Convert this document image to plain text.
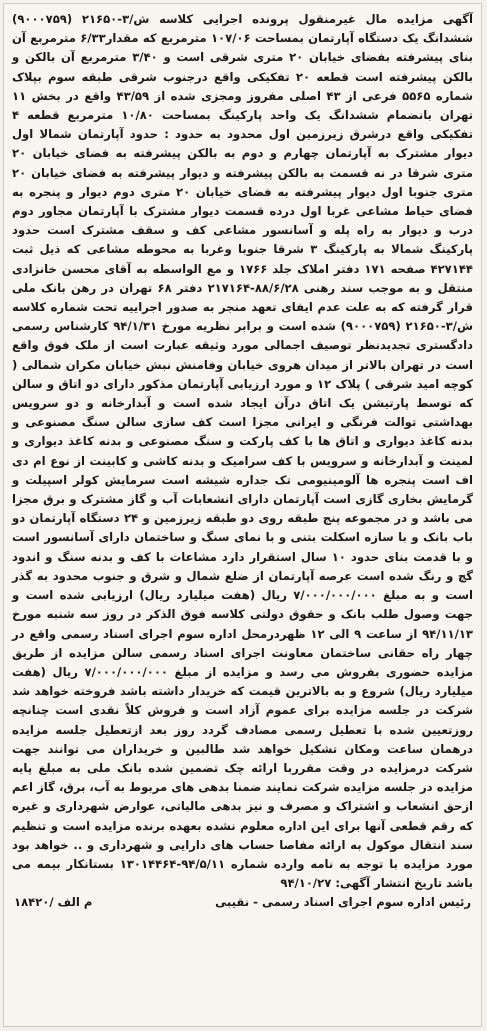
آگهی مزایده مال غیرمنقول پرونده اجرایی کلاسه ش/۳-۲۱۶۵۰ (۹۰۰۰۷۵۹) ششدانگ یک دستگاه آپارتمان بمساحت ۱۰۷/۰۶ مترمربع که مقدار۶/۳۳ مترمربع آن بنای پیشرفته بفضای خیابان ۲۰ متری شرقی است و ۳/۴۰ مترمربع آن بالکن و بالکن پیشرفته است قطعه ۲۰ تفکیکی واقع درجنوب شرقی طبقه سوم بپلاک شماره ۵۵۶۵ فرعی از ۴۳ اصلی مفروز ومجزی شده از ۴۳/۵۹ واقع در بخش ۱۱ تهران بانضمام ششدانگ یک واحد پارکینگ بمساحت ۱۰/۸۰ مترمربع قطعه ۴ تفکیکی واقع درشرق زیرزمین اول محدود به حدود : حدود آپارتمان شمالا اول دیوار مشترک به آپارتمان چهارم و دوم به بالکن پیشرفته به فضای خیابان ۲۰ متری شرقا در نه قسمت به بالکن پیشرفته و دیوار پیشرفته به فضای خیابان ۲۰ متری جنوبا اول دیوار پیشرفته به فضای خیابان ۲۰ متری دوم دیوار و پنجره به فضای حیاط مشاعی غربا اول درده قسمت دیوار مشترک با آپارتمان مجاور دوم درب و دیوار به راه پله و آسانسور مشاعی کف و سقف مشترک است حدود پارکینگ شمالا به پارکینگ ۳ شرقا جنوبا وغربا به محوطه مشاعی که ذیل ثبت ۴۲۷۱۴۴ صفحه ۱۷۱ دفتر املاک جلد ۱۷۶۶ و مع الواسطه به آقای محسن خانزادی منتقل و به موجب سند رهنی ۸۸/۶/۲۸-۲۱۷۱۶۴ دفتر ۶۸ تهران در رهن بانک ملی قرار گرفته که به علت عدم ایفای تعهد منجر به صدور اجراییه تحت شماره کلاسه ش/۳-۲۱۶۵۰ (۹۰۰۰۷۵۹) شده است و برابر نظریه مورخ ۹۴/۱/۳۱ کارشناس رسمی دادگستری تجدیدنظر توصیف اجمالی مورد وثیقه عبارت است از ملک فوق واقع است در تهران بالاتر از میدان هروی خیابان وفامنش نبش خیابان مکران شمالی ( کوچه امید شرقی ) پلاک ۱۲ و مورد ارزیابی آپارتمان مذکور دارای دو اتاق و سالن که توسط پارتیشن یک اتاق درآن ایجاد شده است و آبدارخانه و دو سرویس بهداشتی توالت فرنگی و ایرانی مجزا است کف سازی سالن سنگ مصنوعی و بدنه کاغذ دیواری و اتاق ها با کف پارکت و سنگ مصنوعی و بدنه کاغذ دیواری و لمینت و آبدارخانه و سرویس با کف سرامیک و بدنه کاشی و کابینت از نوع ام دی اف است پنجره ها آلومینیومی تک جداره شیشه است سرمایش کولر اسپیلت و گرمایش بخاری گازی است آپارتمان دارای انشعابات آب و گاز مشترک و برق مجزا می باشد و در مجموعه پنج طبقه روی دو طبقه زیرزمین و ۲۴ دستگاه آپارتمان دو باب بانک و با سازه اسکلت بتنی و با نمای سنگ و ساختمان دارای آسانسور است و با قدمت بنای حدود ۱۰ سال استقرار دارد مشاعات با کف و بدنه سنگ و اندود گچ و رنگ شده است عرصه آپارتمان از ضلع شمال و شرق و جنوب محدود به گذر است و به مبلغ ۷/۰۰۰/۰۰۰/۰۰۰ ریال (هفت میلیارد ریال) ارزیابی شده است و جهت وصول طلب بانک و حقوق دولتی کلاسه فوق الذکر در روز سه شنبه مورخ ۹۴/۱۱/۱۳ از ساعت ۹ الی ۱۲ ظهردرمحل اداره سوم اجرای اسناد رسمی واقع در چهار راه حقانی ساختمان معاونت اجرای اسناد رسمی سالن مزایده از طریق مزایده حضوری بفروش می رسد و مزایده از مبلغ ۷/۰۰۰/۰۰۰/۰۰۰ ریال (هفت میلیارد ریال) شروع و به بالاترین قیمت که خریدار داشته باشد فروخته خواهد شد شرکت در جلسه مزایده برای عموم آزاد است و فروش کلاً نقدی است چنانچه روزتعیین شده با تعطیل رسمی مصادف گردد روز بعد ازتعطیل جلسه مزایده درهمان ساعت ومکان تشکیل خواهد شد طالبین و خریداران می توانند جهت شرکت درمزایده در وقت مقرربا ارائه چک تضمین شده بانک ملی به مبلغ پایه مزایده در جلسه مزایده شرکت نمایند ضمنا بدهی های مربوط به آب، برق، گاز اعم ازحق انشعاب و اشتراک و مصرف و نیز بدهی مالیاتی، عوارض شهرداری و غیره که رقم قطعی آنها برای این اداره معلوم نشده بعهده برنده مزایده است و تنظیم سند انتقال موکول به ارائه مفاصا حساب های دارایی و شهرداری و .. خواهد بود مورد مزایده با توجه به نامه وارده شماره ۹۴/۵/۱۱-۱۳۰۱۴۴۶۴ بستانکار بیمه می باشد تاریخ انتشار آگهی: ۹۴/۱۰/۲۷

رئیس اداره سوم اجرای اسناد رسمی - نقیبی
م الف /۱۸۴۲۰
